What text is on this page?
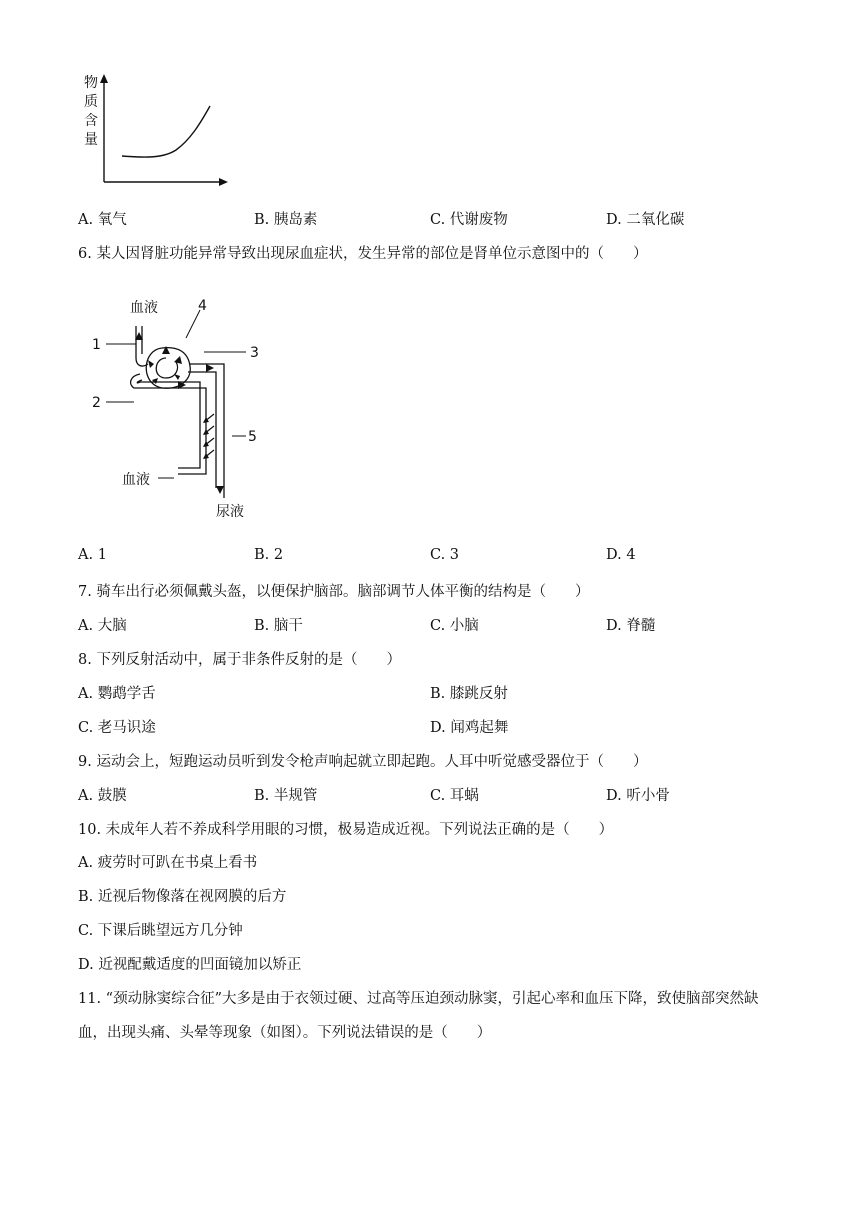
物
质
含
量
A. 氧气	B. 胰岛素	C. 代谢废物	D. 二氧化碳
6. 某人因肾脏功能异常导致出现尿血症状，发生异常的部位是肾单位示意图中的（　　）
血液
1
2
3
4
5
血液
尿液
A. 1	B. 2	C. 3	D. 4
7. 骑车出行必须佩戴头盔，以便保护脑部。脑部调节人体平衡的结构是（　　）
A. 大脑	B. 脑干	C. 小脑	D. 脊髓
8. 下列反射活动中，属于非条件反射的是（　　）
A. 鹦鹉学舌	B. 膝跳反射
C. 老马识途	D. 闻鸡起舞
9. 运动会上，短跑运动员听到发令枪声响起就立即起跑。人耳中听觉感受器位于（　　）
A. 鼓膜	B. 半规管	C. 耳蜗	D. 听小骨
10. 未成年人若不养成科学用眼的习惯，极易造成近视。下列说法正确的是（　　）
A. 疲劳时可趴在书桌上看书
B. 近视后物像落在视网膜的后方
C. 下课后眺望远方几分钟
D. 近视配戴适度的凹面镜加以矫正
11. “颈动脉窦综合征”大多是由于衣领过硬、过高等压迫颈动脉窦，引起心率和血压下降，致使脑部突然缺
血，出现头痛、头晕等现象（如图）。下列说法错误的是（　　）
